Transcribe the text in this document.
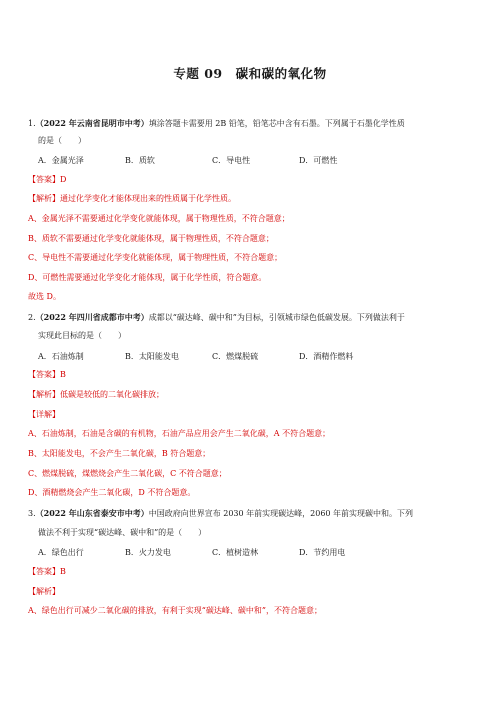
专题 09　碳和碳的氧化物
1.（2022 年云南省昆明市中考）填涂答题卡需要用 2B 铅笔，铅笔芯中含有石墨。下列属于石墨化学性质
的是（　　）
A．金属光泽	B．质软	C．导电性	D．可燃性
【答案】D
【解析】通过化学变化才能体现出来的性质属于化学性质。
A、金属光泽不需要通过化学变化就能体现，属于物理性质，不符合题意；
B、质软不需要通过化学变化就能体现，属于物理性质，不符合题意；
C、导电性不需要通过化学变化就能体现，属于物理性质，不符合题意；
D、可燃性需要通过化学变化才能体现，属于化学性质，符合题意。
故选 D。
2.（2022 年四川省成都市中考）成都以“碳达峰、碳中和”为目标，引领城市绿色低碳发展。下列做法利于
实现此目标的是（　　）
A．石油炼制	B．太阳能发电	C．燃煤脱硫	D．酒精作燃料
【答案】B
【解析】低碳是较低的二氧化碳排放；
【详解】
A、石油炼制，石油是含碳的有机物，石油产品应用会产生二氧化碳，A 不符合题意；
B、太阳能发电，不会产生二氧化碳，B 符合题意；
C、燃煤脱硫，煤燃烧会产生二氧化碳，C 不符合题意；
D、酒精燃烧会产生二氧化碳，D 不符合题意。
3.（2022 年山东省泰安市中考）中国政府向世界宣布 2030 年前实现碳达峰，2060 年前实现碳中和。下列
做法不利于实现“碳达峰、碳中和”的是（　　）
A．绿色出行	B．火力发电	C．植树造林	D．节约用电
【答案】B
【解析】
A、绿色出行可减少二氧化碳的排放，有利于实现“碳达峰、碳中和”，不符合题意；
